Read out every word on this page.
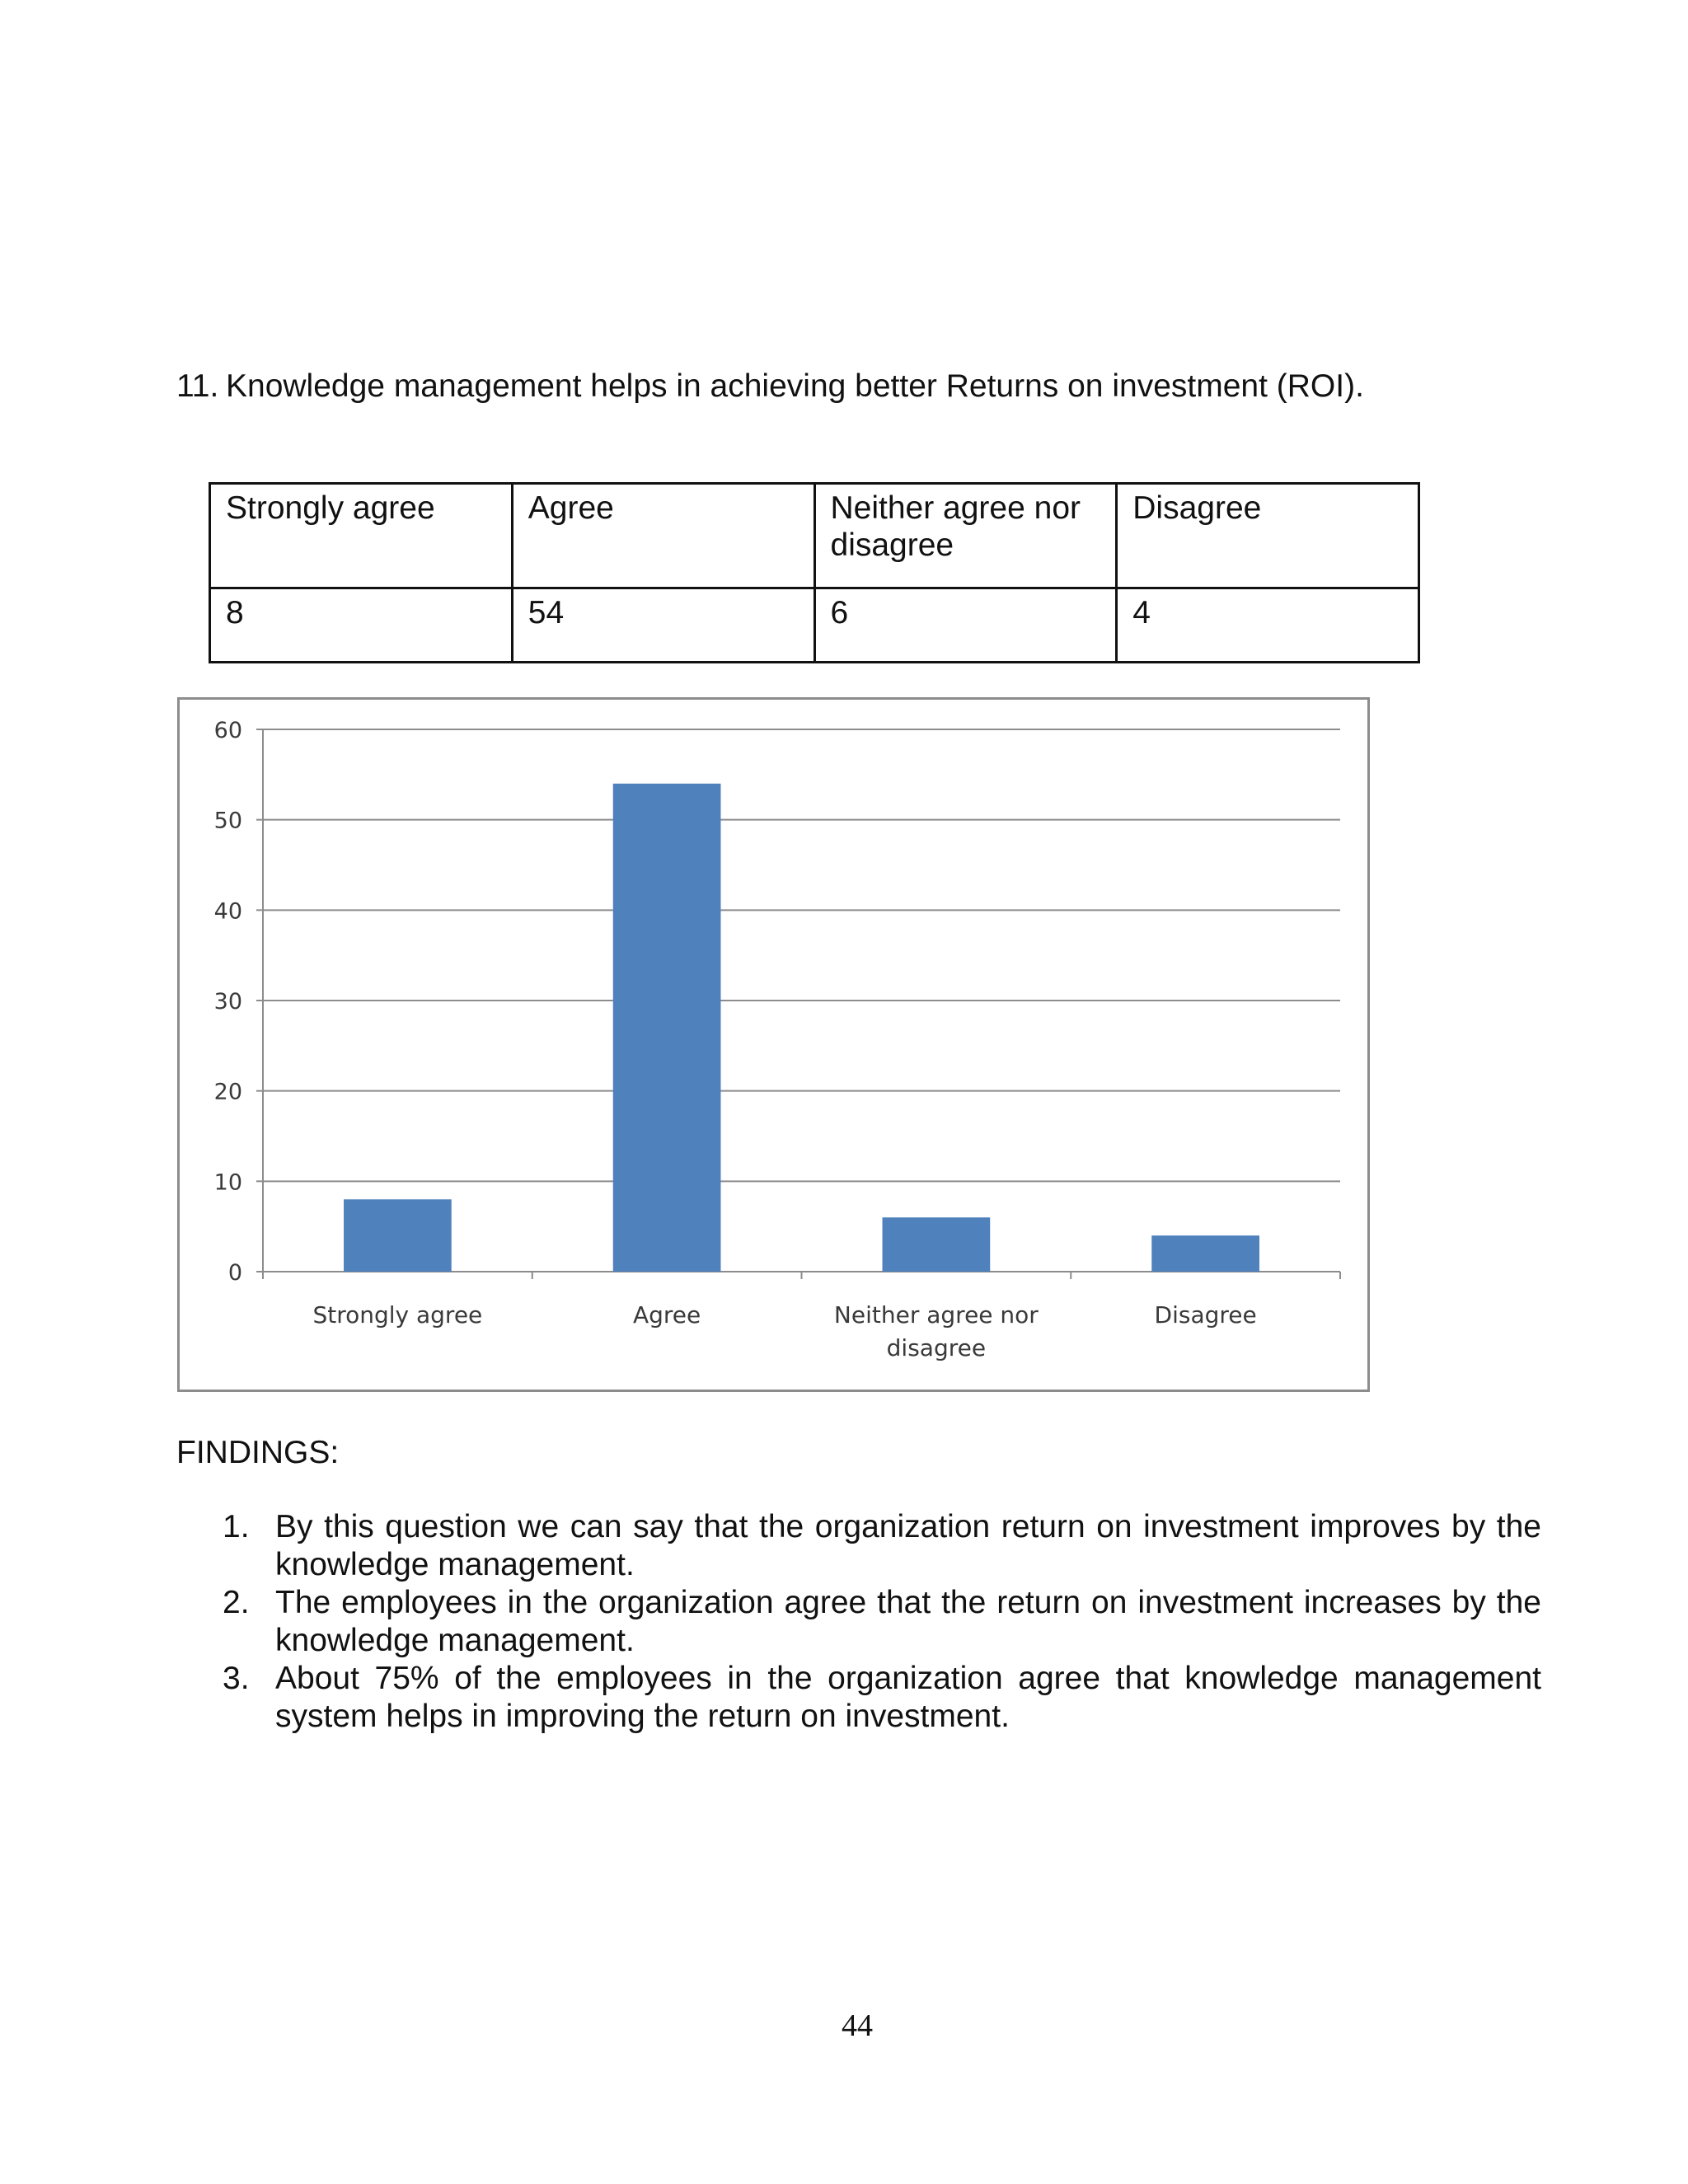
11. Knowledge management helps in achieving better Returns on investment (ROI).
Strongly agree	Agree	Neither agree nor disagree	Disagree
8	54	6	4
0
10
20
30
40
50
60
Strongly agree	Agree	Neither agree nor
disagree
Disagree
FINDINGS:
1. By this question we can say that the organization return on investment improves by the knowledge management.
2. The employees in the organization agree that the return on investment increases by the knowledge management.
3. About 75% of the employees in the organization agree that knowledge management system helps in improving the return on investment.
44
